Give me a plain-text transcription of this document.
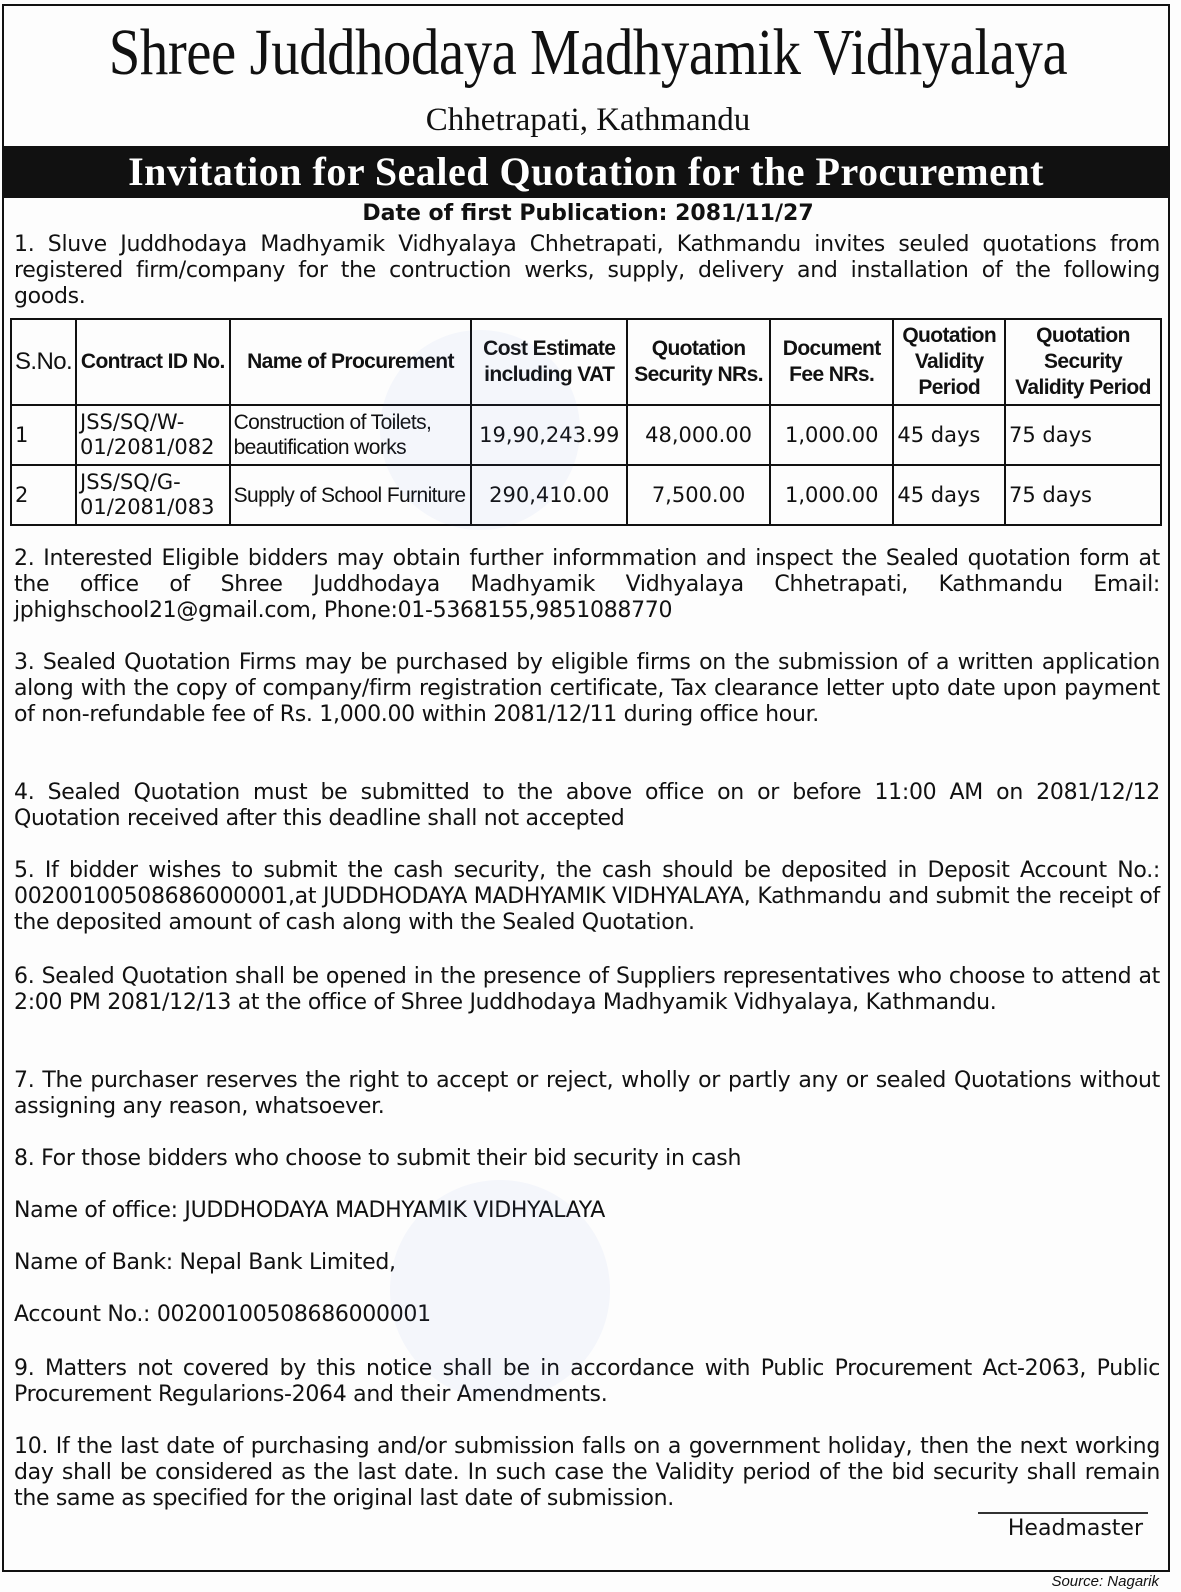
Shree Juddhodaya Madhyamik Vidhyalaya
Chhetrapati, Kathmandu
Invitation for Sealed Quotation for the Procurement
Date of first Publication: 2081/11/27
1. Sluve Juddhodaya Madhyamik Vidhyalaya Chhetrapati, Kathmandu invites seuled quotations from registered firm/company for the contruction werks, supply, delivery and installation of the following goods.
S.No.	Contract ID No.	Name of Procurement	Cost Estimate including VAT	Quotation Security NRs.	Document Fee NRs.	Quotation Validity Period	Quotation Security Validity Period
1	JSS/SQ/W-01/2081/082	Construction of Toilets, beautification works	19,90,243.99	48,000.00	1,000.00	45 days	75 days
2	JSS/SQ/G-01/2081/083	Supply of School Furniture	290,410.00	7,500.00	1,000.00	45 days	75 days
2. Interested Eligible bidders may obtain further informmation and inspect the Sealed quotation form at the office of Shree Juddhodaya Madhyamik Vidhyalaya Chhetrapati, Kathmandu Email: jphighschool21@gmail.com, Phone:01-5368155,9851088770
3. Sealed Quotation Firms may be purchased by eligible firms on the submission of a written application along with the copy of company/firm registration certificate, Tax clearance letter upto date upon payment of non-refundable fee of Rs. 1,000.00 within 2081/12/11 during office hour.
4. Sealed Quotation must be submitted to the above office on or before 11:00 AM on 2081/12/12 Quotation received after this deadline shall not accepted
5. If bidder wishes to submit the cash security, the cash should be deposited in Deposit Account No.: 00200100508686000001,at JUDDHODAYA MADHYAMIK VIDHYALAYA, Kathmandu and submit the receipt of the deposited amount of cash along with the Sealed Quotation.
6. Sealed Quotation shall be opened in the presence of Suppliers representatives who choose to attend at 2:00 PM 2081/12/13 at the office of Shree Juddhodaya Madhyamik Vidhyalaya, Kathmandu.
7. The purchaser reserves the right to accept or reject, wholly or partly any or sealed Quotations without assigning any reason, whatsoever.
8. For those bidders who choose to submit their bid security in cash
Name of office: JUDDHODAYA MADHYAMIK VIDHYALAYA
Name of Bank: Nepal Bank Limited,
Account No.: 00200100508686000001
9. Matters not covered by this notice shall be in accordance with Public Procurement Act-2063, Public Procurement Regularions-2064 and their Amendments.
10. If the last date of purchasing and/or submission falls on a government holiday, then the next working day shall be considered as the last date. In such case the Validity period of the bid security shall remain the same as specified for the original last date of submission.
Headmaster
Source: Nagarik
